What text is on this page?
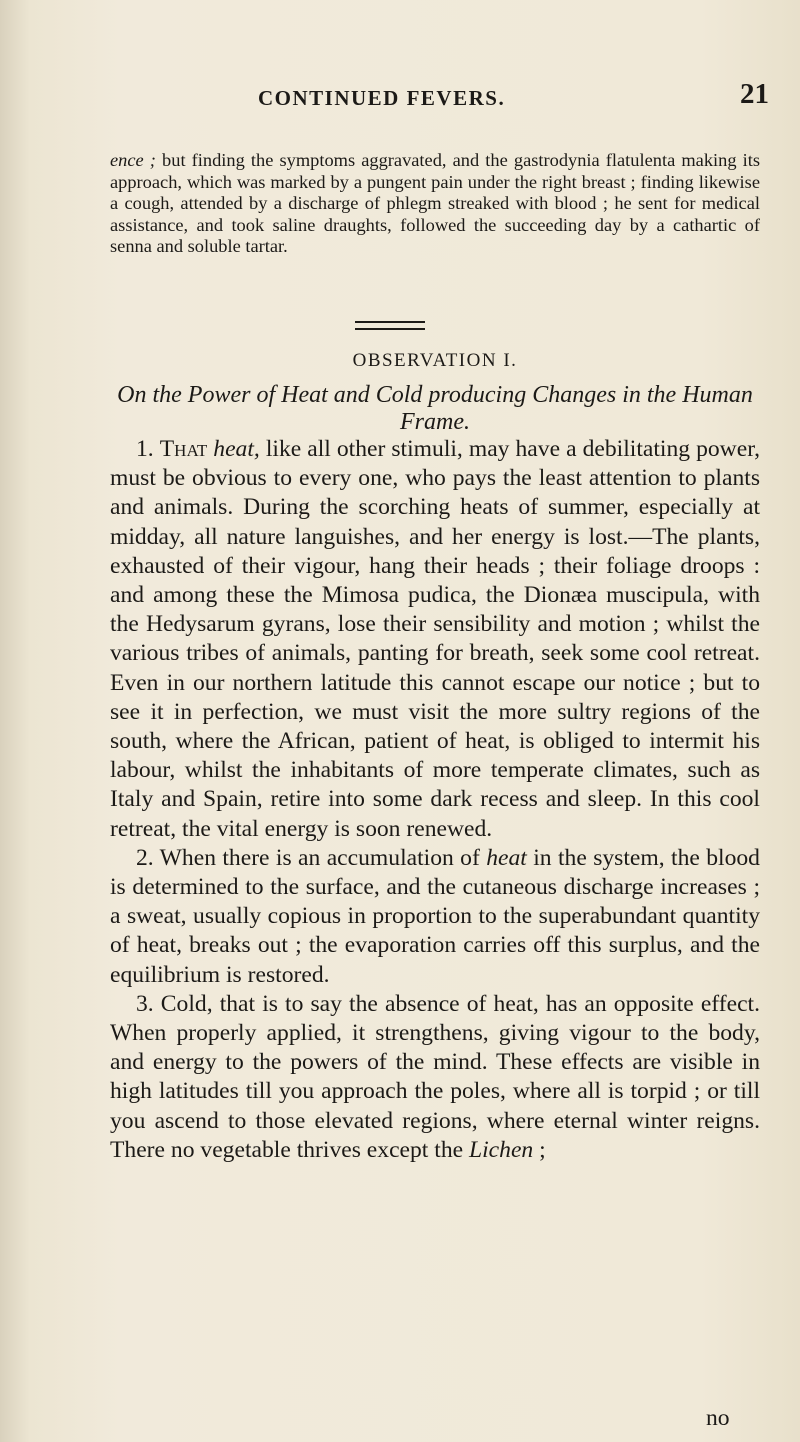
CONTINUED FEVERS.	21

ence ; but finding the symptoms aggravated, and the gastrodynia flatulenta making its approach, which was marked by a pungent pain under the right breast ; finding likewise a cough, attended by a discharge of phlegm streaked with blood ; he sent for medical assistance, and took saline draughts, followed the succeeding day by a cathartic of senna and soluble tartar.

OBSERVATION I.
On the Power of Heat and Cold producing Changes in the Human Frame.

1. That heat, like all other stimuli, may have a debilitating power, must be obvious to every one, who pays the least attention to plants and animals. During the scorching heats of summer, especially at midday, all nature languishes, and her energy is lost.—The plants, exhausted of their vigour, hang their heads ; their foliage droops : and among these the Mimosa pudica, the Dionæa muscipula, with the Hedysarum gyrans, lose their sensibility and motion ; whilst the various tribes of animals, panting for breath, seek some cool retreat. Even in our northern latitude this cannot escape our notice ; but to see it in perfection, we must visit the more sultry regions of the south, where the African, patient of heat, is obliged to intermit his labour, whilst the inhabitants of more temperate climates, such as Italy and Spain, retire into some dark recess and sleep. In this cool retreat, the vital energy is soon renewed.

2. When there is an accumulation of heat in the system, the blood is determined to the surface, and the cutaneous discharge increases ; a sweat, usually copious in proportion to the superabundant quantity of heat, breaks out ; the evaporation carries off this surplus, and the equilibrium is restored.

3. Cold, that is to say the absence of heat, has an opposite effect. When properly applied, it strengthens, giving vigour to the body, and energy to the powers of the mind. These effects are visible in high latitudes till you approach the poles, where all is torpid ; or till you ascend to those elevated regions, where eternal winter reigns. There no vegetable thrives except the Lichen ;

no
